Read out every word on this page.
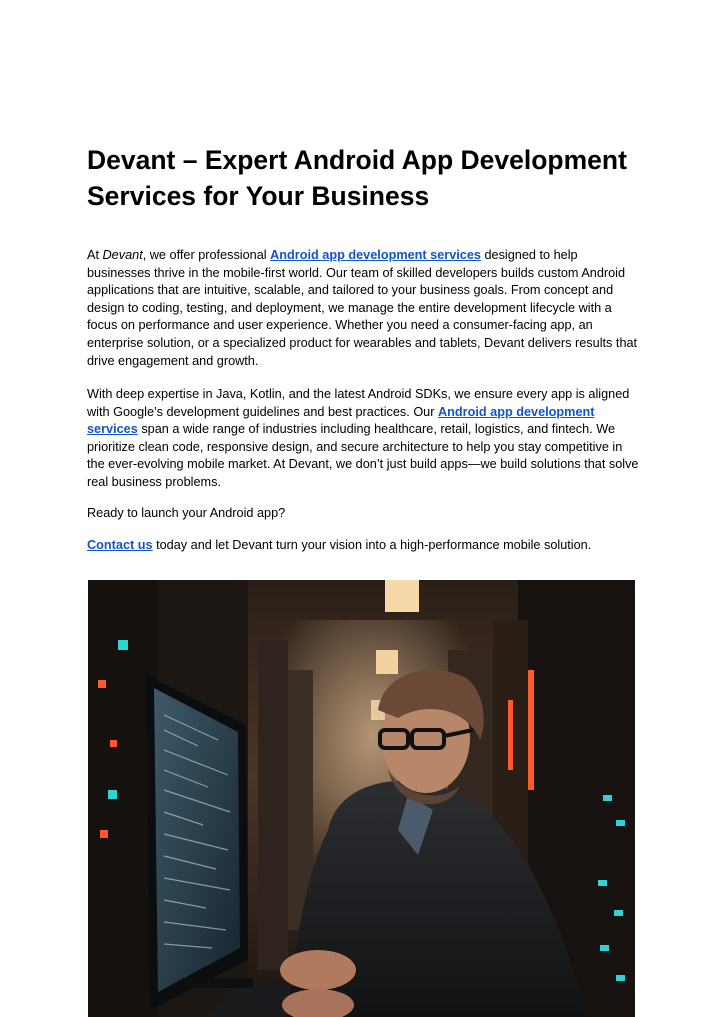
Devant – Expert Android App Development Services for Your Business

At Devant, we offer professional Android app development services designed to help businesses thrive in the mobile-first world. Our team of skilled developers builds custom Android applications that are intuitive, scalable, and tailored to your business goals. From concept and design to coding, testing, and deployment, we manage the entire development lifecycle with a focus on performance and user experience. Whether you need a consumer-facing app, an enterprise solution, or a specialized product for wearables and tablets, Devant delivers results that drive engagement and growth.

With deep expertise in Java, Kotlin, and the latest Android SDKs, we ensure every app is aligned with Google’s development guidelines and best practices. Our Android app development services span a wide range of industries including healthcare, retail, logistics, and fintech. We prioritize clean code, responsive design, and secure architecture to help you stay competitive in the ever-evolving mobile market. At Devant, we don’t just build apps—we build solutions that solve real business problems.

Ready to launch your Android app?

Contact us today and let Devant turn your vision into a high-performance mobile solution.
